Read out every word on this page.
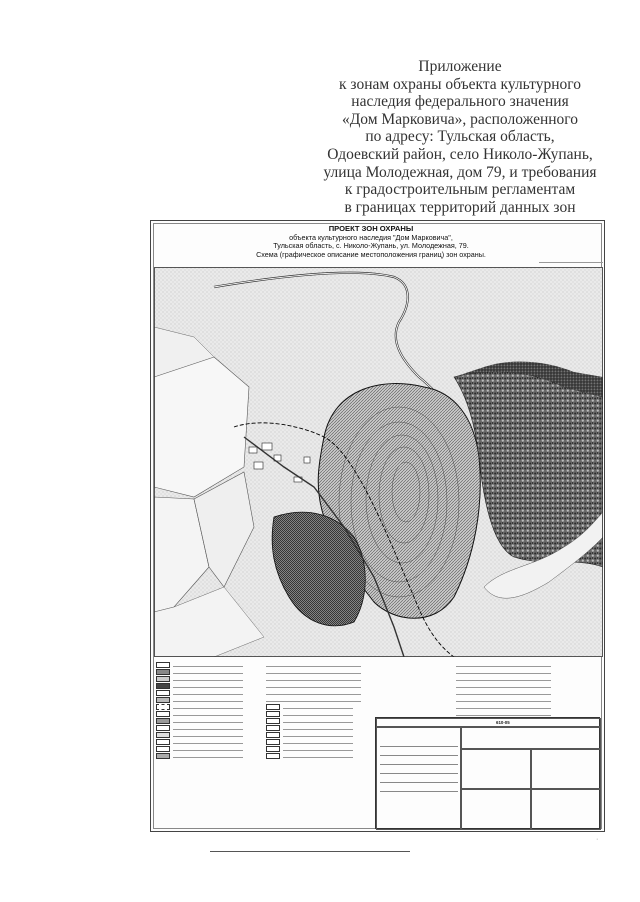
Приложение
к зонам охраны объекта культурного
наследия федерального значения
«Дом Марковича», расположенного
по адресу: Тульская область,
Одоевский район, село Николо-Жупань,
улица Молодежная, дом 79, и требования
к градостроительным регламентам
в границах территорий данных зон
ПРОЕКТ ЗОН ОХРАНЫ
объекта культурного наследия "Дом Марковича",
Тульская область, с. Николо-Жупань, ул. Молодежная, 79.
Схема (графическое описание местоположения границ) зон охраны.
610-05
·
